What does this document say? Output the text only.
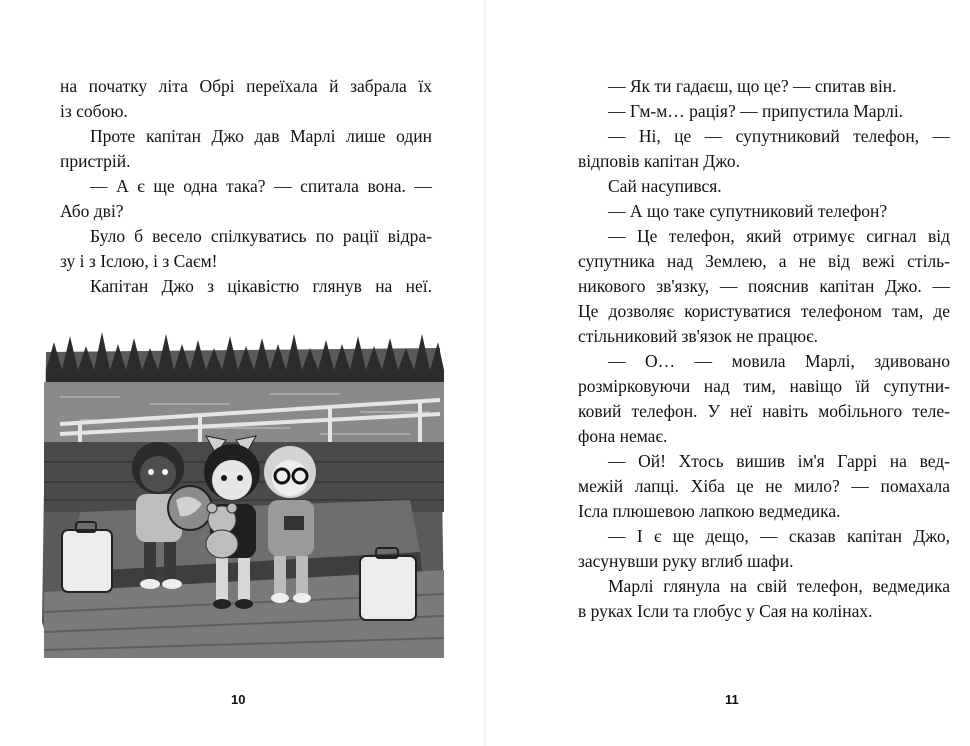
на початку літа Обрі переїхала й забрала їх
із собою.
Проте капітан Джо дав Марлі лише один
пристрій.
— А є ще одна така? — спитала вона. —
Або дві?
Було б весело спілкуватись по рації відра-
зу і з Іслою, і з Саєм!
Капітан Джо з цікавістю глянув на неї.
10
— Як ти гадаєш, що це? — спитав він.
— Гм-м… рація? — припустила Марлі.
— Ні, це — супутниковий телефон, —
відповів капітан Джо.
Сай насупився.
— А що таке супутниковий телефон?
— Це телефон, який отримує сигнал від
супутника над Землею, а не від вежі стіль-
никового зв'язку, — пояснив капітан Джо. —
Це дозволяє користуватися телефоном там, де
стільниковий зв'язок не працює.
— О… — мовила Марлі, здивовано
розмірковуючи над тим, навіщо їй супутни-
ковий телефон. У неї навіть мобільного телe-
фона немає.
— Ой! Хтось вишив ім'я Гаррі на вед-
межій лапці. Хіба це не мило? — помахала
Ісла плюшевою лапкою ведмедика.
— І є ще дещо, — сказав капітан Джо,
засунувши руку вглиб шафи.
Марлі глянула на свій телефон, ведмедика
в руках Ісли та глобус у Сая на колінах.
11
